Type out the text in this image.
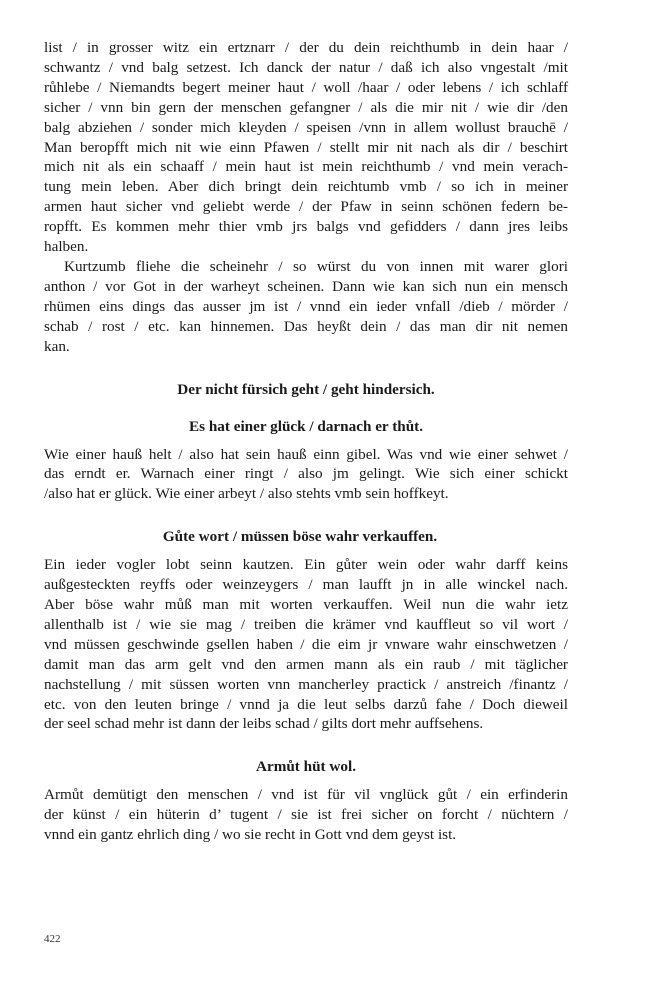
list / in grosser witz ein ertznarr / der du dein reichthumb in dein haar /
schwantz / vnd balg setzest. Ich danck der natur / daß ich also vngestalt /mit
růhlebe / Niemandts begert meiner haut / woll /haar / oder lebens / ich schlaff
sicher / vnn bin gern der menschen gefangner / als die mir nit / wie dir /den
balg abziehen / sonder mich kleyden / speisen /vnn in allem wollust brauchē /
Man beropfft mich nit wie einn Pfawen / stellt mir nit nach als dir / beschirt
mich nit als ein schaaff / mein haut ist mein reichthumb / vnd mein verach-
tung mein leben. Aber dich bringt dein reichtumb vmb / so ich in meiner
armen haut sicher vnd geliebt werde / der Pfaw in seinn schönen federn be-
ropfft. Es kommen mehr thier vmb jrs balgs vnd gefidders / dann jres leibs
halben.
Kurtzumb fliehe die scheinehr / so würst du von innen mit warer glori
anthon / vor Got in der warheyt scheinen. Dann wie kan sich nun ein mensch
rhümen eins dings das ausser jm ist / vnnd ein ieder vnfall /dieb / mörder /
schab / rost / etc. kan hinnemen. Das heyßt dein / das man dir nit nemen
kan.
Der nicht fürsich geht / geht hindersich.
Es hat einer glück / darnach er thůt.
Wie einer hauß helt / also hat sein hauß einn gibel. Was vnd wie einer sehwet /
das erndt er. Warnach einer ringt / also jm gelingt. Wie sich einer schickt
/also hat er glück. Wie einer arbeyt / also stehts vmb sein hoffkeyt.
Gůte wort / müssen böse wahr verkauffen.
Ein ieder vogler lobt seinn kautzen. Ein gůter wein oder wahr darff keins
außgesteckten reyffs oder weinzeygers / man laufft jn in alle winckel nach.
Aber böse wahr můß man mit worten verkauffen. Weil nun die wahr ietz
allenthalb ist / wie sie mag / treiben die krämer vnd kauffleut so vil wort /
vnd müssen geschwinde gsellen haben / die eim jr vnware wahr einschwetzen /
damit man das arm gelt vnd den armen mann als ein raub / mit täglicher
nachstellung / mit süssen worten vnn mancherley practick / anstreich /finantz /
etc. von den leuten bringe / vnnd ja die leut selbs darzů fahe / Doch dieweil
der seel schad mehr ist dann der leibs schad / gilts dort mehr auffsehens.
Armůt hüt wol.
Armůt demütigt den menschen / vnd ist für vil vnglück gůt / ein erfinderin
der künst / ein hüterin d’ tugent / sie ist frei sicher on forcht / nüchtern /
vnnd ein gantz ehrlich ding / wo sie recht in Gott vnd dem geyst ist.
422
